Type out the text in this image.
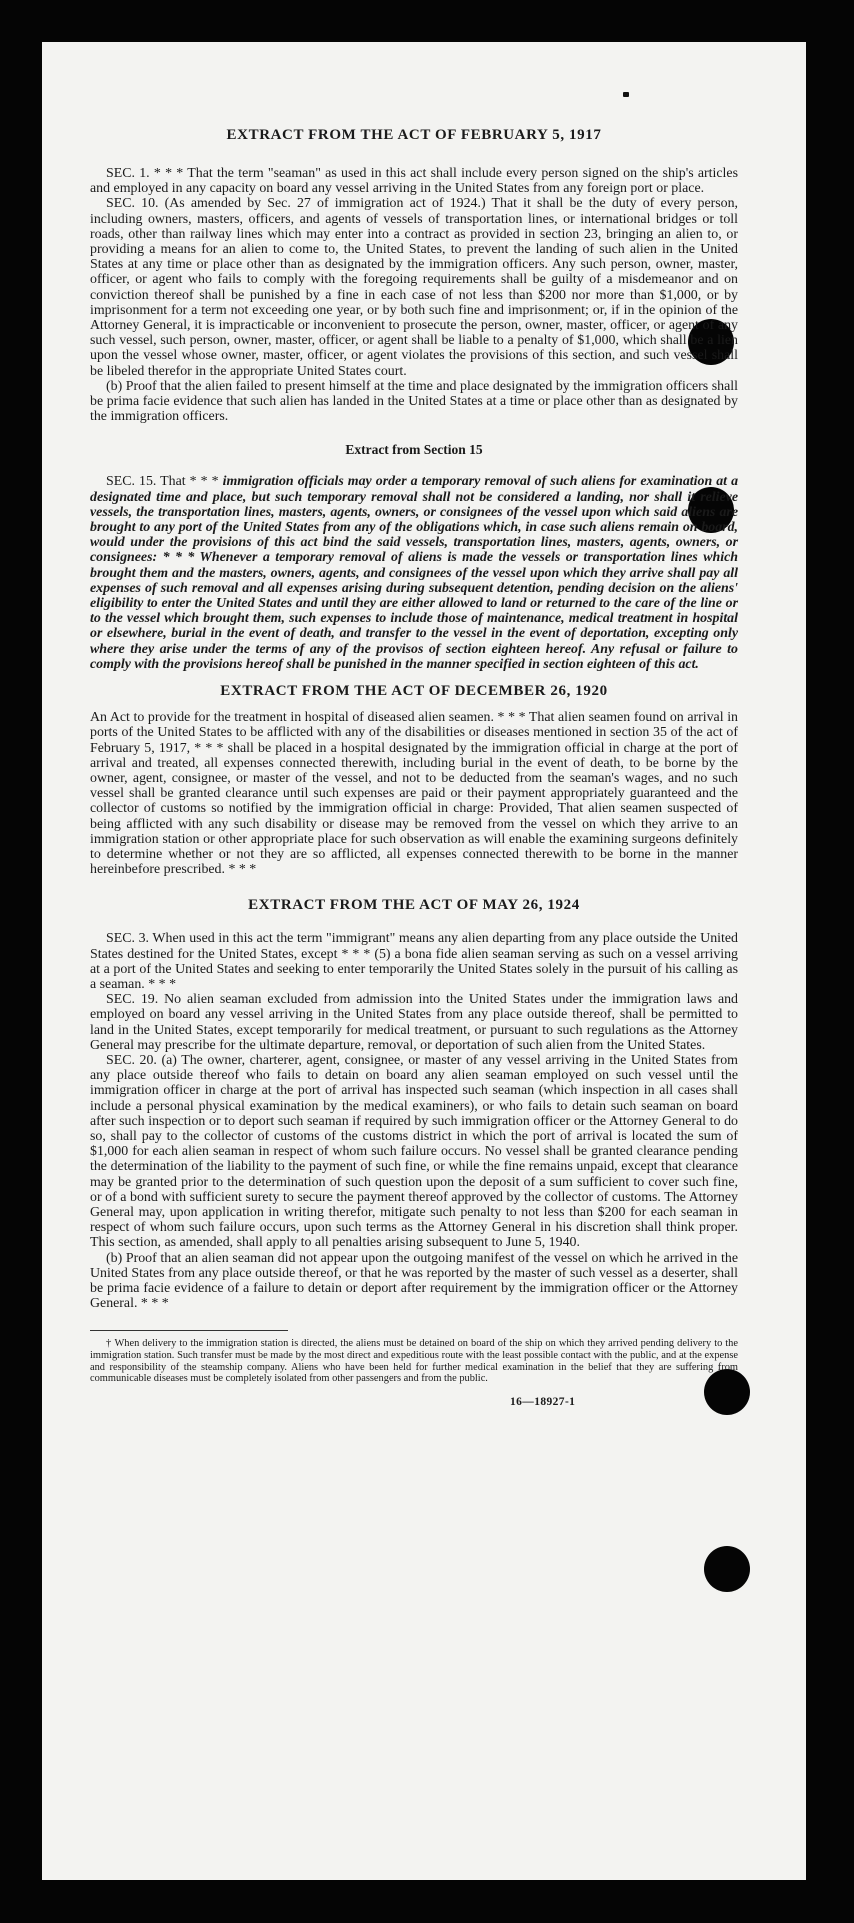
EXTRACT FROM THE ACT OF FEBRUARY 5, 1917

SEC. 1. * * * That the term "seaman" as used in this act shall include every person signed on the ship's articles and employed in any capacity on board any vessel arriving in the United States from any foreign port or place.

SEC. 10. (As amended by Sec. 27 of immigration act of 1924.) That it shall be the duty of every person, including owners, masters, officers, and agents of vessels of transportation lines, or international bridges or toll roads, other than railway lines which may enter into a contract as provided in section 23, bringing an alien to, or providing a means for an alien to come to, the United States, to prevent the landing of such alien in the United States at any time or place other than as designated by the immigration officers. Any such person, owner, master, officer, or agent who fails to comply with the foregoing requirements shall be guilty of a misdemeanor and on conviction thereof shall be punished by a fine in each case of not less than $200 nor more than $1,000, or by imprisonment for a term not exceeding one year, or by both such fine and imprisonment; or, if in the opinion of the Attorney General, it is impracticable or inconvenient to prosecute the person, owner, master, officer, or agent of any such vessel, such person, owner, master, officer, or agent shall be liable to a penalty of $1,000, which shall be a lien upon the vessel whose owner, master, officer, or agent violates the provisions of this section, and such vessel shall be libeled therefor in the appropriate United States court.

(b) Proof that the alien failed to present himself at the time and place designated by the immigration officers shall be prima facie evidence that such alien has landed in the United States at a time or place other than as designated by the immigration officers.

Extract from Section 15

SEC. 15. That * * * immigration officials may order a temporary removal of such aliens for examination at a designated time and place, but such temporary removal shall not be considered a landing, nor shall it relieve vessels, the transportation lines, masters, agents, owners, or consignees of the vessel upon which said aliens are brought to any port of the United States from any of the obligations which, in case such aliens remain on board, would under the provisions of this act bind the said vessels, transportation lines, masters, agents, owners, or consignees: * * * Whenever a temporary removal of aliens is made the vessels or transportation lines which brought them and the masters, owners, agents, and consignees of the vessel upon which they arrive shall pay all expenses of such removal and all expenses arising during subsequent detention, pending decision on the aliens' eligibility to enter the United States and until they are either allowed to land or returned to the care of the line or to the vessel which brought them, such expenses to include those of maintenance, medical treatment in hospital or elsewhere, burial in the event of death, and transfer to the vessel in the event of deportation, excepting only where they arise under the terms of any of the provisos of section eighteen hereof. Any refusal or failure to comply with the provisions hereof shall be punished in the manner specified in section eighteen of this act.

EXTRACT FROM THE ACT OF DECEMBER 26, 1920

An Act to provide for the treatment in hospital of diseased alien seamen. * * * That alien seamen found on arrival in ports of the United States to be afflicted with any of the disabilities or diseases mentioned in section 35 of the act of February 5, 1917, * * * shall be placed in a hospital designated by the immigration official in charge at the port of arrival and treated, all expenses connected therewith, including burial in the event of death, to be borne by the owner, agent, consignee, or master of the vessel, and not to be deducted from the seaman's wages, and no such vessel shall be granted clearance until such expenses are paid or their payment appropriately guaranteed and the collector of customs so notified by the immigration official in charge: Provided, That alien seamen suspected of being afflicted with any such disability or disease may be removed from the vessel on which they arrive to an immigration station or other appropriate place for such observation as will enable the examining surgeons definitely to determine whether or not they are so afflicted, all expenses connected therewith to be borne in the manner hereinbefore prescribed. * * *

EXTRACT FROM THE ACT OF MAY 26, 1924

SEC. 3. When used in this act the term "immigrant" means any alien departing from any place outside the United States destined for the United States, except * * * (5) a bona fide alien seaman serving as such on a vessel arriving at a port of the United States and seeking to enter temporarily the United States solely in the pursuit of his calling as a seaman. * * *

SEC. 19. No alien seaman excluded from admission into the United States under the immigration laws and employed on board any vessel arriving in the United States from any place outside thereof, shall be permitted to land in the United States, except temporarily for medical treatment, or pursuant to such regulations as the Attorney General may prescribe for the ultimate departure, removal, or deportation of such alien from the United States.

SEC. 20. (a) The owner, charterer, agent, consignee, or master of any vessel arriving in the United States from any place outside thereof who fails to detain on board any alien seaman employed on such vessel until the immigration officer in charge at the port of arrival has inspected such seaman (which inspection in all cases shall include a personal physical examination by the medical examiners), or who fails to detain such seaman on board after such inspection or to deport such seaman if required by such immigration officer or the Attorney General to do so, shall pay to the collector of customs of the customs district in which the port of arrival is located the sum of $1,000 for each alien seaman in respect of whom such failure occurs. No vessel shall be granted clearance pending the determination of the liability to the payment of such fine, or while the fine remains unpaid, except that clearance may be granted prior to the determination of such question upon the deposit of a sum sufficient to cover such fine, or of a bond with sufficient surety to secure the payment thereof approved by the collector of customs. The Attorney General may, upon application in writing therefor, mitigate such penalty to not less than $200 for each seaman in respect of whom such failure occurs, upon such terms as the Attorney General in his discretion shall think proper. This section, as amended, shall apply to all penalties arising subsequent to June 5, 1940.

(b) Proof that an alien seaman did not appear upon the outgoing manifest of the vessel on which he arrived in the United States from any place outside thereof, or that he was reported by the master of such vessel as a deserter, shall be prima facie evidence of a failure to detain or deport after requirement by the immigration officer or the Attorney General. * * *

† When delivery to the immigration station is directed, the aliens must be detained on board of the ship on which they arrived pending delivery to the immigration station. Such transfer must be made by the most direct and expeditious route with the least possible contact with the public, and at the expense and responsibility of the steamship company. Aliens who have been held for further medical examination in the belief that they are suffering from communicable diseases must be completely isolated from other passengers and from the public.

16—18927-1
